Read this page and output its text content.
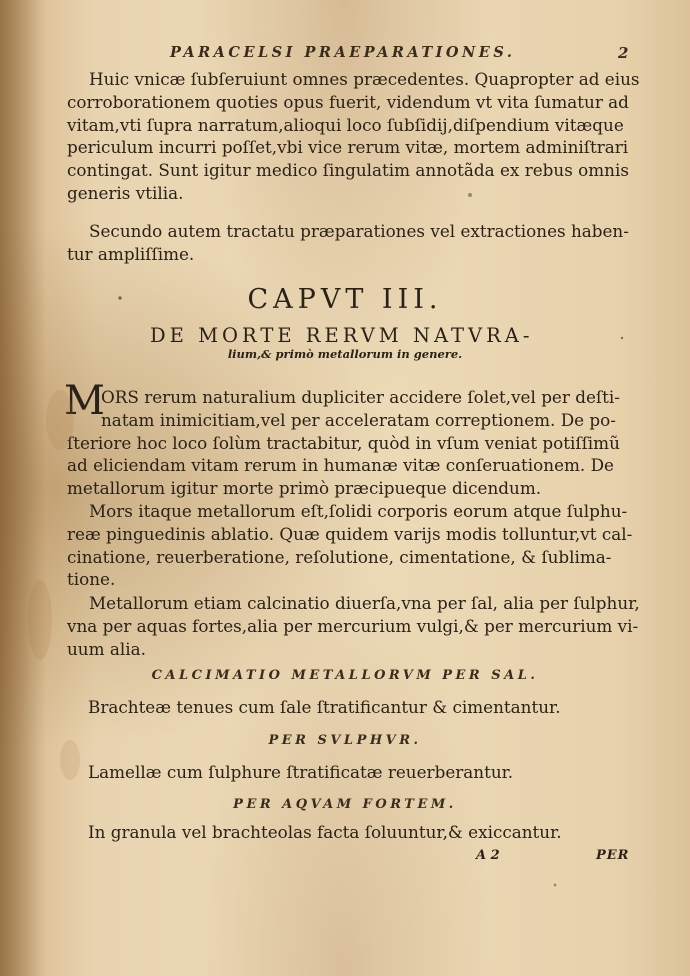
PARACELSI PRAEPARATIONES.	2

Huic vnicæ ſubſeruiunt omnes præcedentes. Quapropter ad eius
corroborationem quoties opus fuerit, videndum vt vita ſumatur ad
vitam,vti ſupra narratum,alioqui loco ſubſidij,diſpendium vitæque
periculum incurri poſſet,vbi vice rerum vitæ, mortem adminiſtrari
contingat. Sunt igitur medico ſingulatim annotãda ex rebus omnis
generis vtilia.

Secundo autem tractatu præparationes vel extractiones haben-
tur ampliſſime.

CAPVT III.
DE MORTE RERVM NATVRA-
lium,& primò metallorum in genere.
M

ORS rerum naturalium dupliciter accidere ſolet,vel per deſti-
natam inimicitiam,vel per acceleratam correptionem. De po-
ſteriore hoc loco ſolùm tractabitur, quòd in vſum veniat potiſſimũ
ad eliciendam vitam rerum in humanæ vitæ conſeruationem. De
metallorum igitur morte primò præcipueque dicendum.

Mors itaque metallorum eſt,ſolidi corporis eorum atque ſulphu-
reæ pinguedinis ablatio. Quæ quidem varijs modis tolluntur,vt cal-
cinatione, reuerberatione, reſolutione, cimentatione, & ſublima-
tione.

Metallorum etiam calcinatio diuerſa,vna per ſal, alia per ſulphur,
vna per aquas fortes,alia per mercurium vulgi,& per mercurium vi-
uum alia.

CALCIMATIO METALLORVM PER SAL.

Brachteæ tenues cum ſale ſtratificantur & cimentantur.

PER SVLPHVR.

Lamellæ cum ſulphure ſtratificatæ reuerberantur.

PER AQVAM FORTEM.

In granula vel brachteolas facta ſoluuntur,& exiccantur.

A 2	PER
